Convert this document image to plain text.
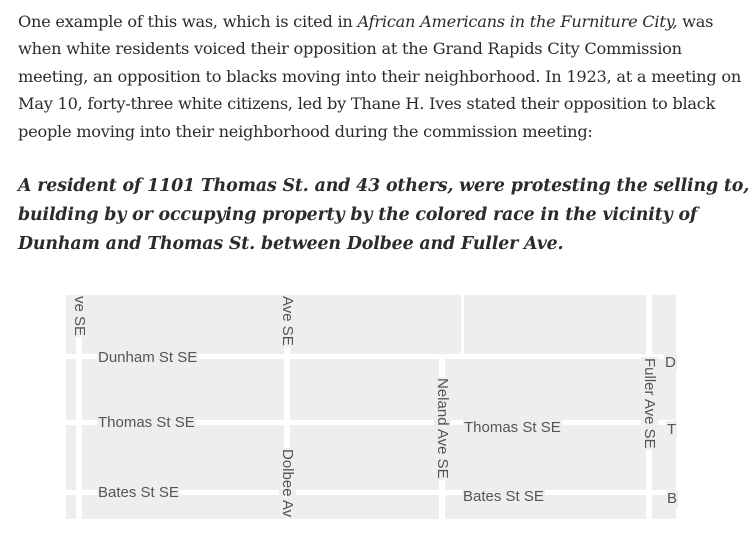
One example of this was, which is cited in African Americans in the Furniture City, was
when white residents voiced their opposition at the Grand Rapids City Commission
meeting, an opposition to blacks moving into their neighborhood. In 1923, at a meeting on
May 10, forty-three white citizens, led by Thane H. Ives stated their opposition to black
people moving into their neighborhood during the commission meeting:

A resident of 1101 Thomas St. and 43 others, were protesting the selling to,
building by or occupying property by the colored race in the vicinity of
Dunham and Thomas St. between Dolbee and Fuller Ave.

Dunham St SE
Thomas St SE	Thomas St SE
Bates St SE	Bates St SE
D
T
B
ve SE	Ave SE
Dolbee Av
Neland Ave SE	Fuller Ave SE
